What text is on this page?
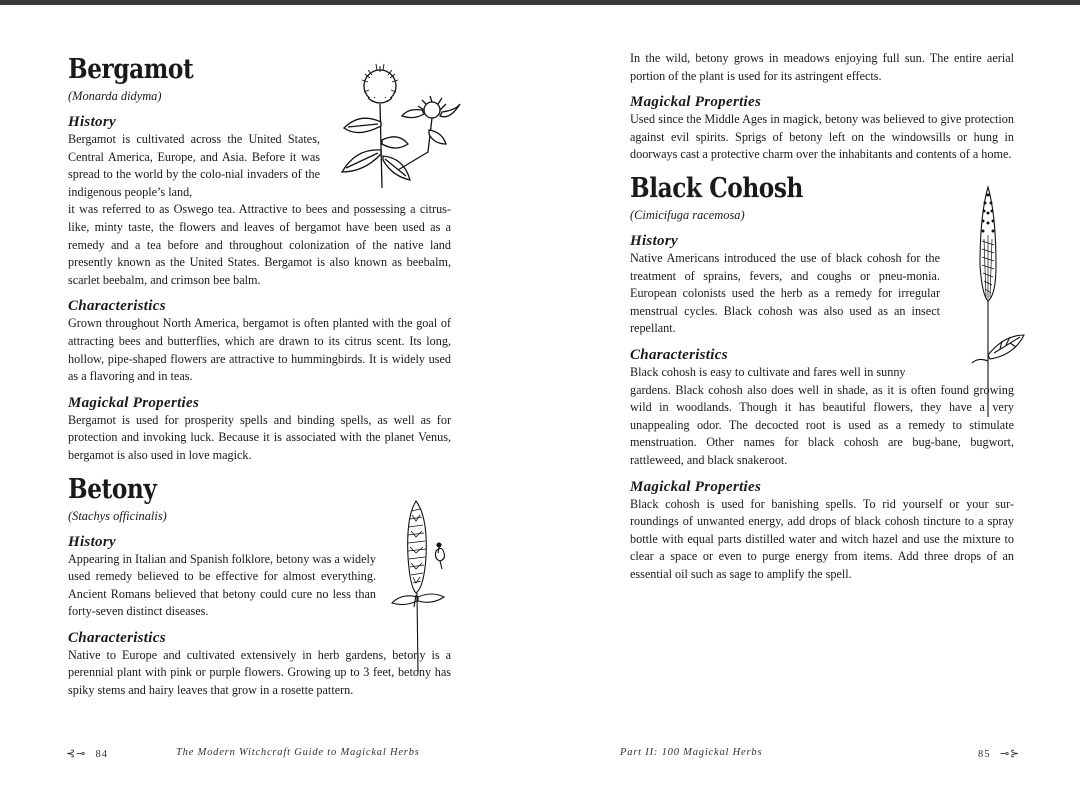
Bergamot
(Monarda didyma)
History

Bergamot is cultivated across the United States, Central America, Europe, and Asia. Before it was spread to the world by the colo-nial invaders of the indigenous people’s land,

it was referred to as Oswego tea. Attractive to bees and possessing a citrus-like, minty taste, the flowers and leaves of bergamot have been used as a remedy and a tea before and throughout colonization of the native land presently known as the United States. Bergamot is also known as beebalm, scarlet beebalm, and crimson bee balm.

Characteristics

Grown throughout North America, bergamot is often planted with the goal of attracting bees and butterflies, which are drawn to its citrus scent. Its long, hollow, pipe-shaped flowers are attractive to hummingbirds. It is widely used as a flavoring and in teas.

Magickal Properties

Bergamot is used for prosperity spells and binding spells, as well as for protection and invoking luck. Because it is associated with the planet Venus, bergamot is also used in love magick.

Betony
(Stachys officinalis)
History

Appearing in Italian and Spanish folklore, betony was a widely used remedy believed to be effective for almost everything. Ancient Romans believed that betony could cure no less than forty-seven distinct diseases.

Characteristics

Native to Europe and cultivated extensively in herb gardens, betony is a perennial plant with pink or purple flowers. Growing up to 3 feet, betony has spiky stems and hairy leaves that grow in a rosette pattern.

⊰⊸ 84	The Modern Witchcraft Guide to Magickal Herbs

In the wild, betony grows in meadows enjoying full sun. The entire aerial portion of the plant is used for its astringent effects.

Magickal Properties

Used since the Middle Ages in magick, betony was believed to give protection against evil spirits. Sprigs of betony left on the windowsills or hung in doorways cast a protective charm over the inhabitants and contents of a home.

Black Cohosh
(Cimicifuga racemosa)
History

Native Americans introduced the use of black cohosh for the treatment of sprains, fevers, and coughs or pneu-monia. European colonists used the herb as a remedy for irregular menstrual cycles. Black cohosh was also used as an insect repellant.

Characteristics

Black cohosh is easy to cultivate and fares well in sunny

gardens. Black cohosh also does well in shade, as it is often found growing wild in woodlands. Though it has beautiful flowers, they have a very unappealing odor. The decocted root is used as a remedy to stimulate menstruation. Other names for black cohosh are bug-bane, bugwort, rattleweed, and black snakeroot.

Magickal Properties

Black cohosh is used for banishing spells. To rid yourself or your sur-roundings of unwanted energy, add drops of black cohosh tincture to a spray bottle with equal parts distilled water and witch hazel and use the mixture to clear a space or even to purge energy from items. Add three drops of an essential oil such as sage to amplify the spell.

Part II: 100 Magickal Herbs	85 ⊸⊱
